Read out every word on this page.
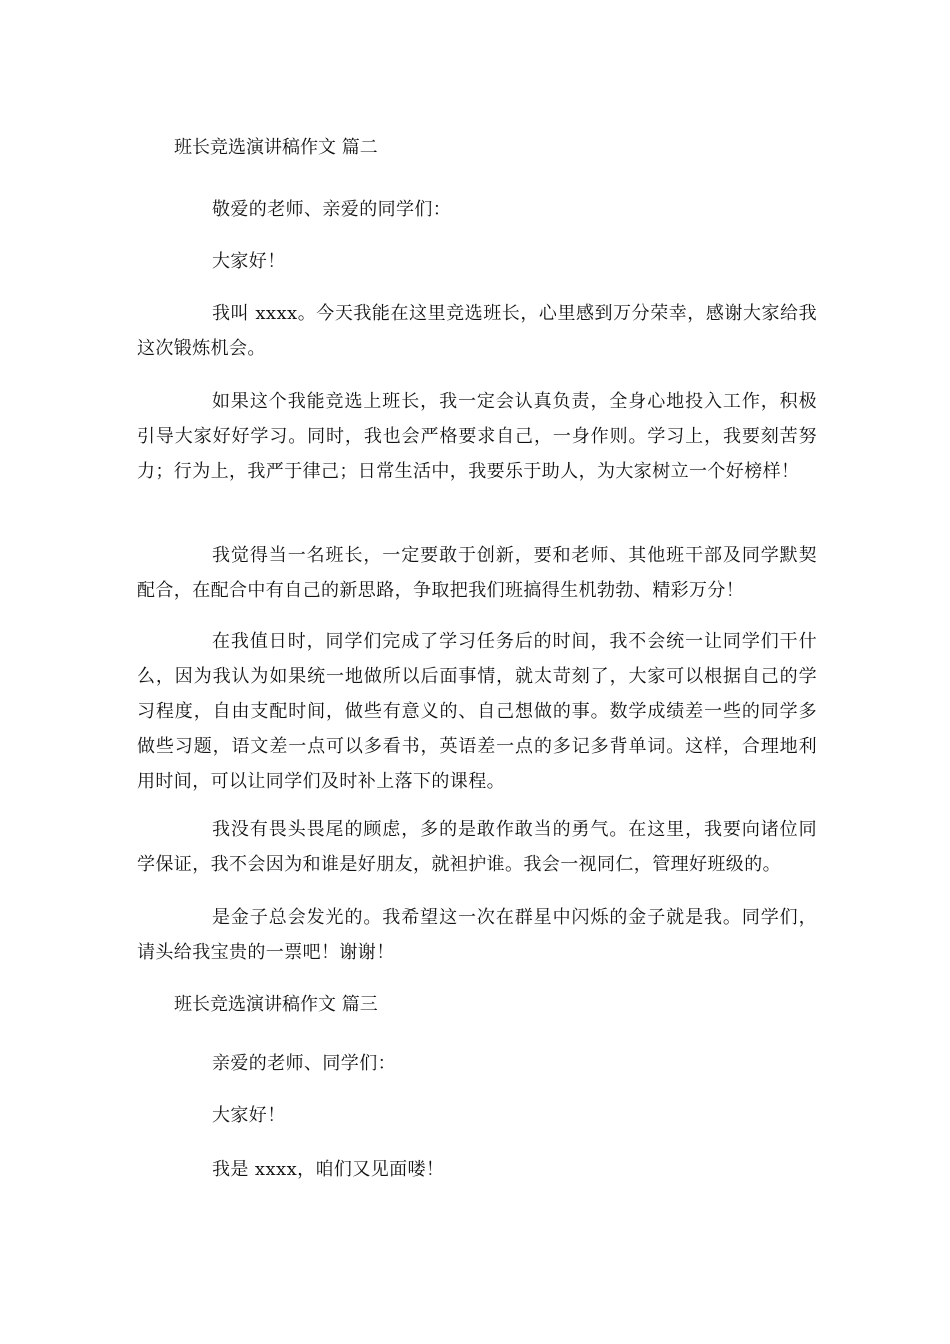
班长竞选演讲稿作文 篇二

敬爱的老师、亲爱的同学们：

大家好！

我叫 xxxx。今天我能在这里竞选班长，心里感到万分荣幸，感谢大家给我这次锻炼机会。

如果这个我能竞选上班长，我一定会认真负责，全身心地投入工作，积极引导大家好好学习。同时，我也会严格要求自己，一身作则。学习上，我要刻苦努力；行为上，我严于律己；日常生活中，我要乐于助人，为大家树立一个好榜样！

我觉得当一名班长，一定要敢于创新，要和老师、其他班干部及同学默契配合，在配合中有自己的新思路，争取把我们班搞得生机勃勃、精彩万分！

在我值日时，同学们完成了学习任务后的时间，我不会统一让同学们干什么，因为我认为如果统一地做所以后面事情，就太苛刻了，大家可以根据自己的学习程度，自由支配时间，做些有意义的、自己想做的事。数学成绩差一些的同学多做些习题，语文差一点可以多看书，英语差一点的多记多背单词。这样，合理地利用时间，可以让同学们及时补上落下的课程。

我没有畏头畏尾的顾虑，多的是敢作敢当的勇气。在这里，我要向诸位同学保证，我不会因为和谁是好朋友，就袒护谁。我会一视同仁，管理好班级的。

是金子总会发光的。我希望这一次在群星中闪烁的金子就是我。同学们，请头给我宝贵的一票吧！谢谢！

班长竞选演讲稿作文 篇三

亲爱的老师、同学们：

大家好！

我是 xxxx，咱们又见面喽！
